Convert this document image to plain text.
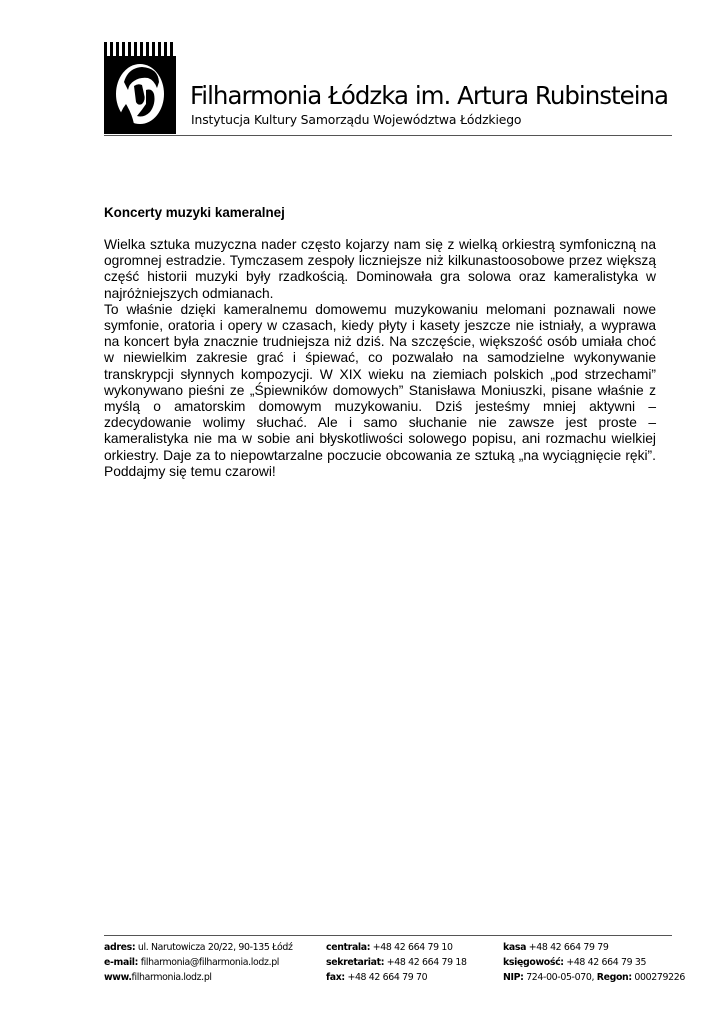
Filharmonia Łódzka im. Artura Rubinsteina
Instytucja Kultury Samorządu Województwa Łódzkiego
Koncerty muzyki kameralnej

Wielka sztuka muzyczna nader często kojarzy nam się z wielką orkiestrą symfoniczną na ogromnej estradzie. Tymczasem zespoły liczniejsze niż kilkunastoosobowe przez większą część historii muzyki były rzadkością. Dominowała gra solowa oraz kameralistyka w najróżniejszych odmianach.

To właśnie dzięki kameralnemu domowemu muzykowaniu melomani poznawali nowe symfonie, oratoria i opery w czasach, kiedy płyty i kasety jeszcze nie istniały, a wyprawa na koncert była znacznie trudniejsza niż dziś. Na szczęście, większość osób umiała choć w niewielkim zakresie grać i śpiewać, co pozwalało na samodzielne wykonywanie transkrypcji słynnych kompozycji. W XIX wieku na ziemiach polskich „pod strzechami” wykonywano pieśni ze „Śpiewników domowych” Stanisława Moniuszki, pisane właśnie z myślą o amatorskim domowym muzykowaniu. Dziś jesteśmy mniej aktywni – zdecydowanie wolimy słuchać. Ale i samo słuchanie nie zawsze jest proste – kameralistyka nie ma w sobie ani błyskotliwości solowego popisu, ani rozmachu wielkiej orkiestry. Daje za to niepowtarzalne poczucie obcowania ze sztuką „na wyciągnięcie ręki”. Poddajmy się temu czarowi!

adres: ul. Narutowicza 20/22, 90-135 Łódź
e-mail: filharmonia@filharmonia.lodz.pl
www.filharmonia.lodz.pl
centrala: +48 42 664 79 10
sekretariat: +48 42 664 79 18
fax: +48 42 664 79 70
kasa +48 42 664 79 79
księgowość: +48 42 664 79 35
NIP: 724-00-05-070, Regon: 000279226
